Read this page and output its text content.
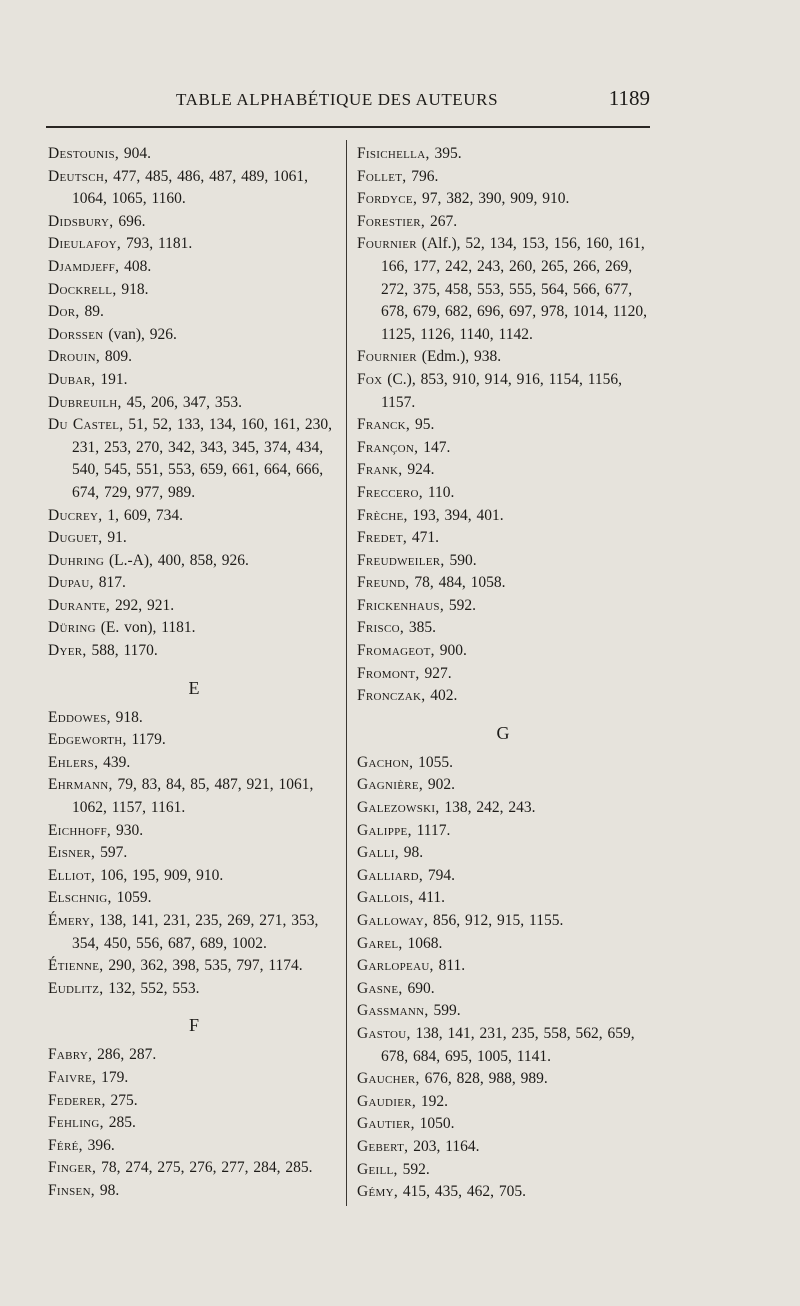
TABLE ALPHABÉTIQUE DES AUTEURS	1189
Destounis, 904.
Deutsch, 477, 485, 486, 487, 489, 1061, 1064, 1065, 1160.
Didsbury, 696.
Dieulafoy, 793, 1181.
Djamdjeff, 408.
Dockrell, 918.
Dor, 89.
Dorssen (van), 926.
Drouin, 809.
Dubar, 191.
Dubreuilh, 45, 206, 347, 353.
Du Castel, 51, 52, 133, 134, 160, 161, 230, 231, 253, 270, 342, 343, 345, 374, 434, 540, 545, 551, 553, 659, 661, 664, 666, 674, 729, 977, 989.
Ducrey, 1, 609, 734.
Duguet, 91.
Duhring (L.-A), 400, 858, 926.
Dupau, 817.
Durante, 292, 921.
Düring (E. von), 1181.
Dyer, 588, 1170.
E
Eddowes, 918.
Edgeworth, 1179.
Ehlers, 439.
Ehrmann, 79, 83, 84, 85, 487, 921, 1061, 1062, 1157, 1161.
Eichhoff, 930.
Eisner, 597.
Elliot, 106, 195, 909, 910.
Elschnig, 1059.
Émery, 138, 141, 231, 235, 269, 271, 353, 354, 450, 556, 687, 689, 1002.
Étienne, 290, 362, 398, 535, 797, 1174.
Eudlitz, 132, 552, 553.
F
Fabry, 286, 287.
Faivre, 179.
Federer, 275.
Fehling, 285.
Féré, 396.
Finger, 78, 274, 275, 276, 277, 284, 285.
Finsen, 98.
Fisichella, 395.
Follet, 796.
Fordyce, 97, 382, 390, 909, 910.
Forestier, 267.
Fournier (Alf.), 52, 134, 153, 156, 160, 161, 166, 177, 242, 243, 260, 265, 266, 269, 272, 375, 458, 553, 555, 564, 566, 677, 678, 679, 682, 696, 697, 978, 1014, 1120, 1125, 1126, 1140, 1142.
Fournier (Edm.), 938.
Fox (C.), 853, 910, 914, 916, 1154, 1156, 1157.
Franck, 95.
Françon, 147.
Frank, 924.
Freccero, 110.
Frèche, 193, 394, 401.
Fredet, 471.
Freudweiler, 590.
Freund, 78, 484, 1058.
Frickenhaus, 592.
Frisco, 385.
Fromageot, 900.
Fromont, 927.
Fronczak, 402.
G
Gachon, 1055.
Gagnière, 902.
Galezowski, 138, 242, 243.
Galippe, 1117.
Galli, 98.
Galliard, 794.
Gallois, 411.
Galloway, 856, 912, 915, 1155.
Garel, 1068.
Garlopeau, 811.
Gasne, 690.
Gassmann, 599.
Gastou, 138, 141, 231, 235, 558, 562, 659, 678, 684, 695, 1005, 1141.
Gaucher, 676, 828, 988, 989.
Gaudier, 192.
Gautier, 1050.
Gebert, 203, 1164.
Geill, 592.
Gémy, 415, 435, 462, 705.
